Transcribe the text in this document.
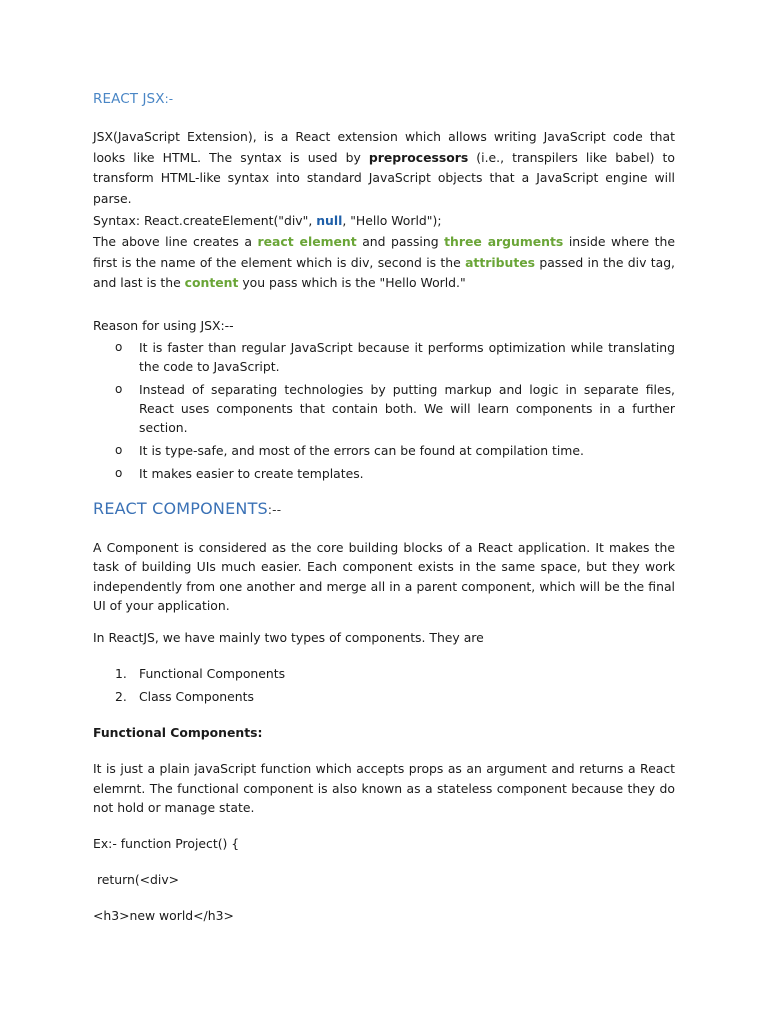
REACT JSX:-

JSX(JavaScript Extension), is a React extension which allows writing JavaScript code that looks like HTML. The syntax is used by preprocessors (i.e., transpilers like babel) to transform HTML-like syntax into standard JavaScript objects that a JavaScript engine will parse.

Syntax: React.createElement("div", null, "Hello World");

The above line creates a react element and passing three arguments inside where the first is the name of the element which is div, second is the attributes passed in the div tag, and last is the content you pass which is the "Hello World."

Reason for using JSX:--

o It is faster than regular JavaScript because it performs optimization while translating the code to JavaScript.

o Instead of separating technologies by putting markup and logic in separate files, React uses components that contain both. We will learn components in a further section.

o It is type-safe, and most of the errors can be found at compilation time.

o It makes easier to create templates.

REACT COMPONENTS:--

A Component is considered as the core building blocks of a React application. It makes the task of building UIs much easier. Each component exists in the same space, but they work independently from one another and merge all in a parent component, which will be the final UI of your application.

In ReactJS, we have mainly two types of components. They are

1. Functional Components

2. Class Components

Functional Components:

It is just a plain javaScript function which accepts props as an argument and returns a React elemrnt. The functional component is also known as a stateless component because they do not hold or manage state.

Ex:- function Project() {

return(<div>

<h3>new world</h3>
